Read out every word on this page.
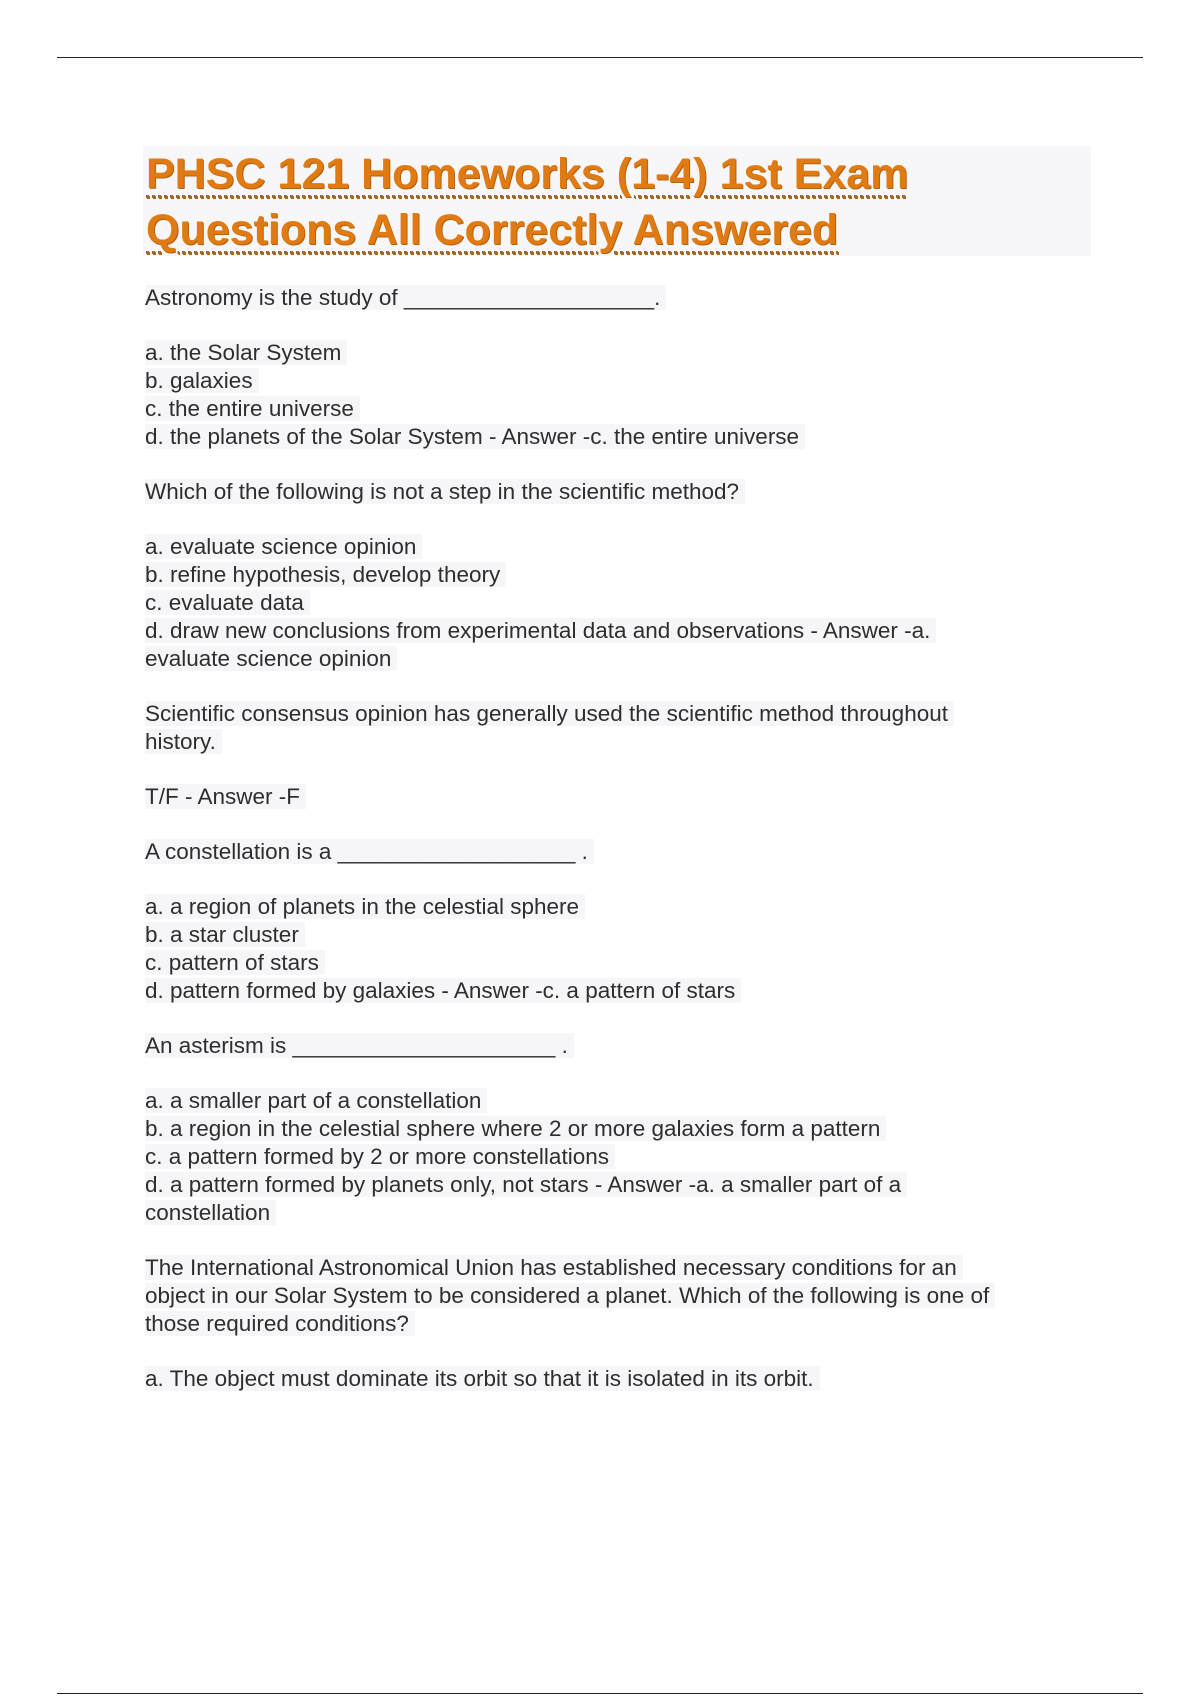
PHSC 121 Homeworks (1-4) 1st Exam
Questions All Correctly Answered

Astronomy is the study of ____________________.

a. the Solar System
b. galaxies
c. the entire universe
d. the planets of the Solar System - Answer -c. the entire universe

Which of the following is not a step in the scientific method?

a. evaluate science opinion
b. refine hypothesis, develop theory
c. evaluate data
d. draw new conclusions from experimental data and observations - Answer -a.
evaluate science opinion

Scientific consensus opinion has generally used the scientific method throughout
history.

T/F - Answer -F

A constellation is a ___________________ .

a. a region of planets in the celestial sphere
b. a star cluster
c. pattern of stars
d. pattern formed by galaxies - Answer -c. a pattern of stars

An asterism is _____________________ .

a. a smaller part of a constellation
b. a region in the celestial sphere where 2 or more galaxies form a pattern
c. a pattern formed by 2 or more constellations
d. a pattern formed by planets only, not stars - Answer -a. a smaller part of a
constellation

The International Astronomical Union has established necessary conditions for an
object in our Solar System to be considered a planet. Which of the following is one of
those required conditions?

a. The object must dominate its orbit so that it is isolated in its orbit.
